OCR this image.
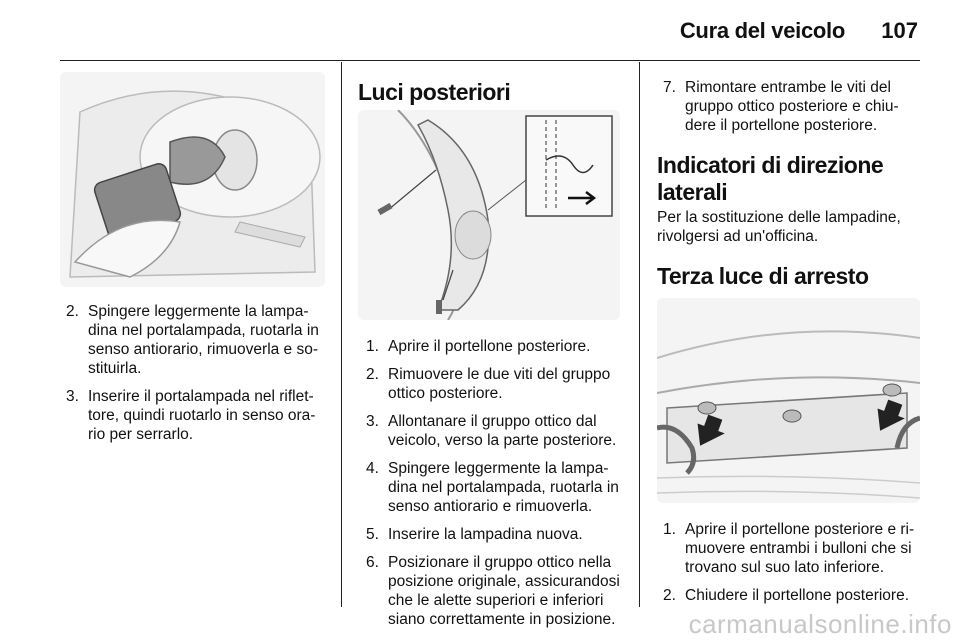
Cura del veicolo 107
2. Spingere leggermente la lampa-dina nel portalampada, ruotarla in senso antiorario, rimuoverla e so-stituirla.
3. Inserire il portalampada nel riflet-tore, quindi ruotarlo in senso ora-rio per serrarlo.
Luci posteriori
1. Aprire il portellone posteriore.
2. Rimuovere le due viti del gruppo ottico posteriore.
3. Allontanare il gruppo ottico dal veicolo, verso la parte posteriore.
4. Spingere leggermente la lampa-dina nel portalampada, ruotarla in senso antiorario e rimuoverla.
5. Inserire la lampadina nuova.
6. Posizionare il gruppo ottico nella posizione originale, assicurandosi che le alette superiori e inferiori siano correttamente in posizione.
7. Rimontare entrambe le viti del gruppo ottico posteriore e chiu-dere il portellone posteriore.
Indicatori di direzione laterali

Per la sostituzione delle lampadine, rivolgersi ad un'officina.

Terza luce di arresto
1. Aprire il portellone posteriore e ri-muovere entrambi i bulloni che si trovano sul suo lato inferiore.
2. Chiudere il portellone posteriore.
carmanualsonline.info
